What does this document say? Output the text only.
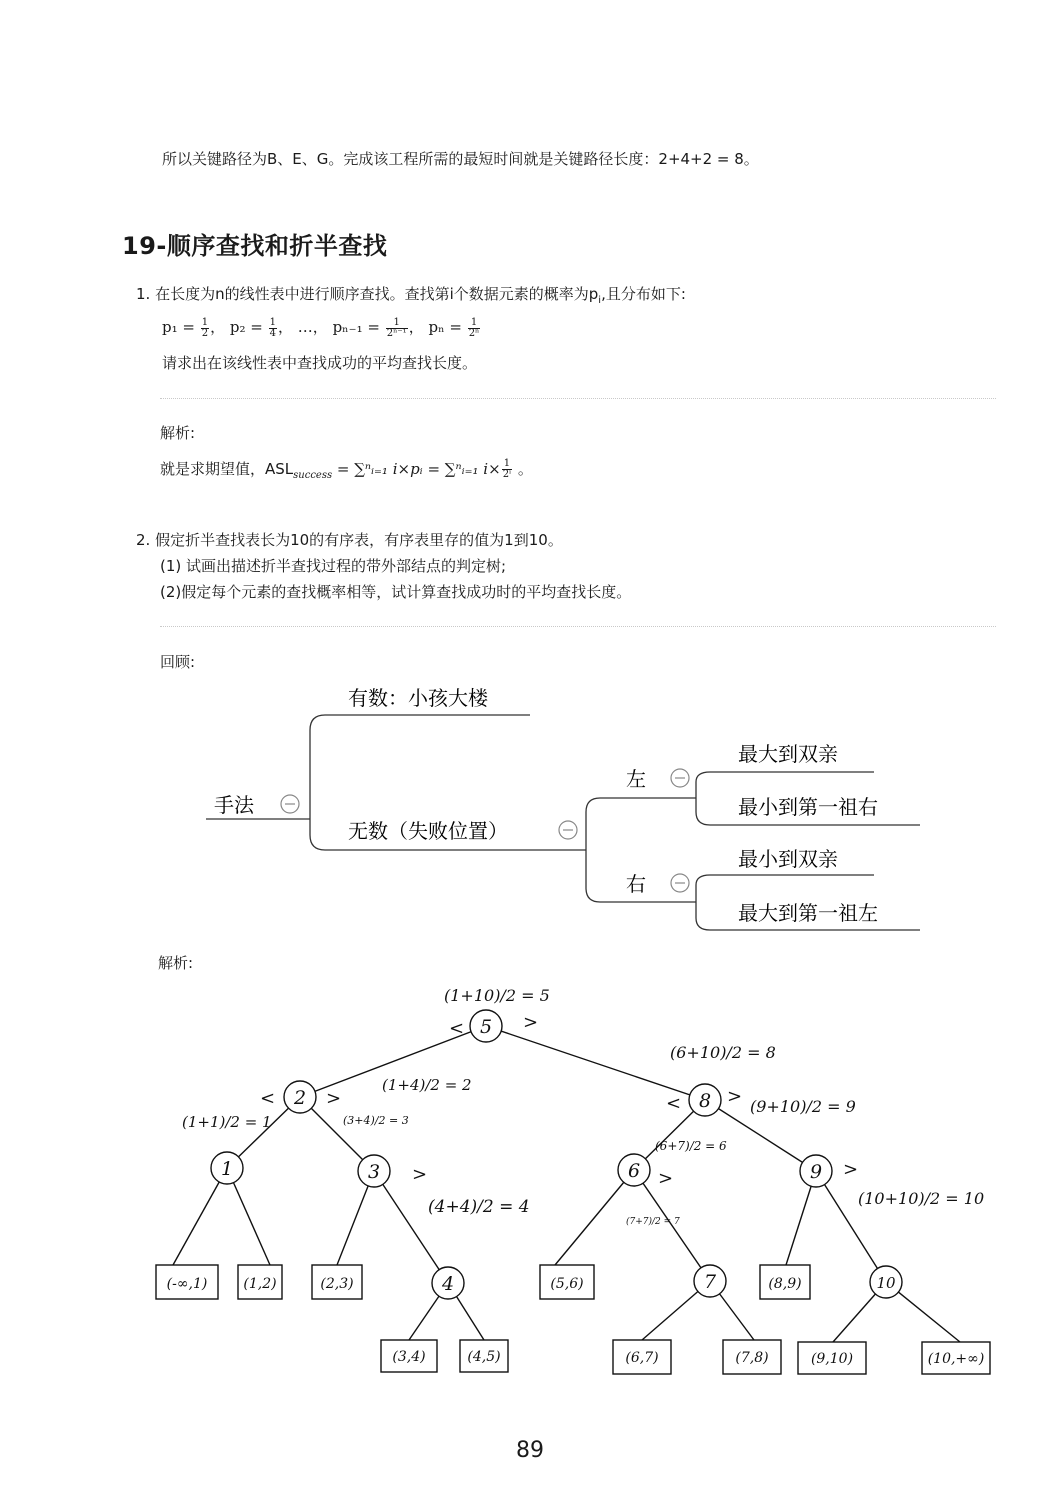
所以关键路径为B、E、G。完成该工程所需的最短时间就是关键路径长度：2+4+2 = 8。
19-顺序查找和折半查找
1. 在长度为n的线性表中进行顺序查找。查找第i个数据元素的概率为$p_i$,且分布如下:
$p_1 = \frac{1}{2}$ ， $p_2 = \frac{1}{4}$ ， …， $p_{n-1} = \frac{1}{\text{2ⁿ⁻¹}}$ ， $p_n = \frac{1}{\text{2ⁿ}}$
请求出在该线性表中查找成功的平均查找长度。
解析:
就是求期望值，$ASL_{success}$ = ∑ⁿᵢ₌₁ i×pᵢ = ∑ⁿᵢ₌₁ $i\times \frac{1}{\text{2ⁱ}}$ 。
2. 假定折半查找表长为10的有序表，有序表里存的值为1到10。
(1) 试画出描述折半查找过程的带外部结点的判定树;
(2)假定每个元素的查找概率相等，试计算查找成功时的平均查找长度。
回顾:
手法
有数：小孩大楼
无数（失败位置）
左
右
最大到双亲
最小到第一祖右
最小到双亲
最大到第一祖左
解析:
5
2	8
1	3	6	9
4	7	10
(-∞,1)	(1,2)	(2,3)
(3,4)	(4,5)
(5,6)
(6,7)	(7,8)
(8,9)
(9,10)	(10,+∞)
(1+10)/2 = 5
(6+10)/2 = 8
(1+4)/2 = 2
(1+1)/2 = 1	(3+4)/2 = 3
(4+4)/2 = 4
(6+7)/2 = 6
(7+7)/2 = 7
(9+10)/2 = 9
(10+10)/2 = 10
<	>
<	>	<	>
>	>	>
89
